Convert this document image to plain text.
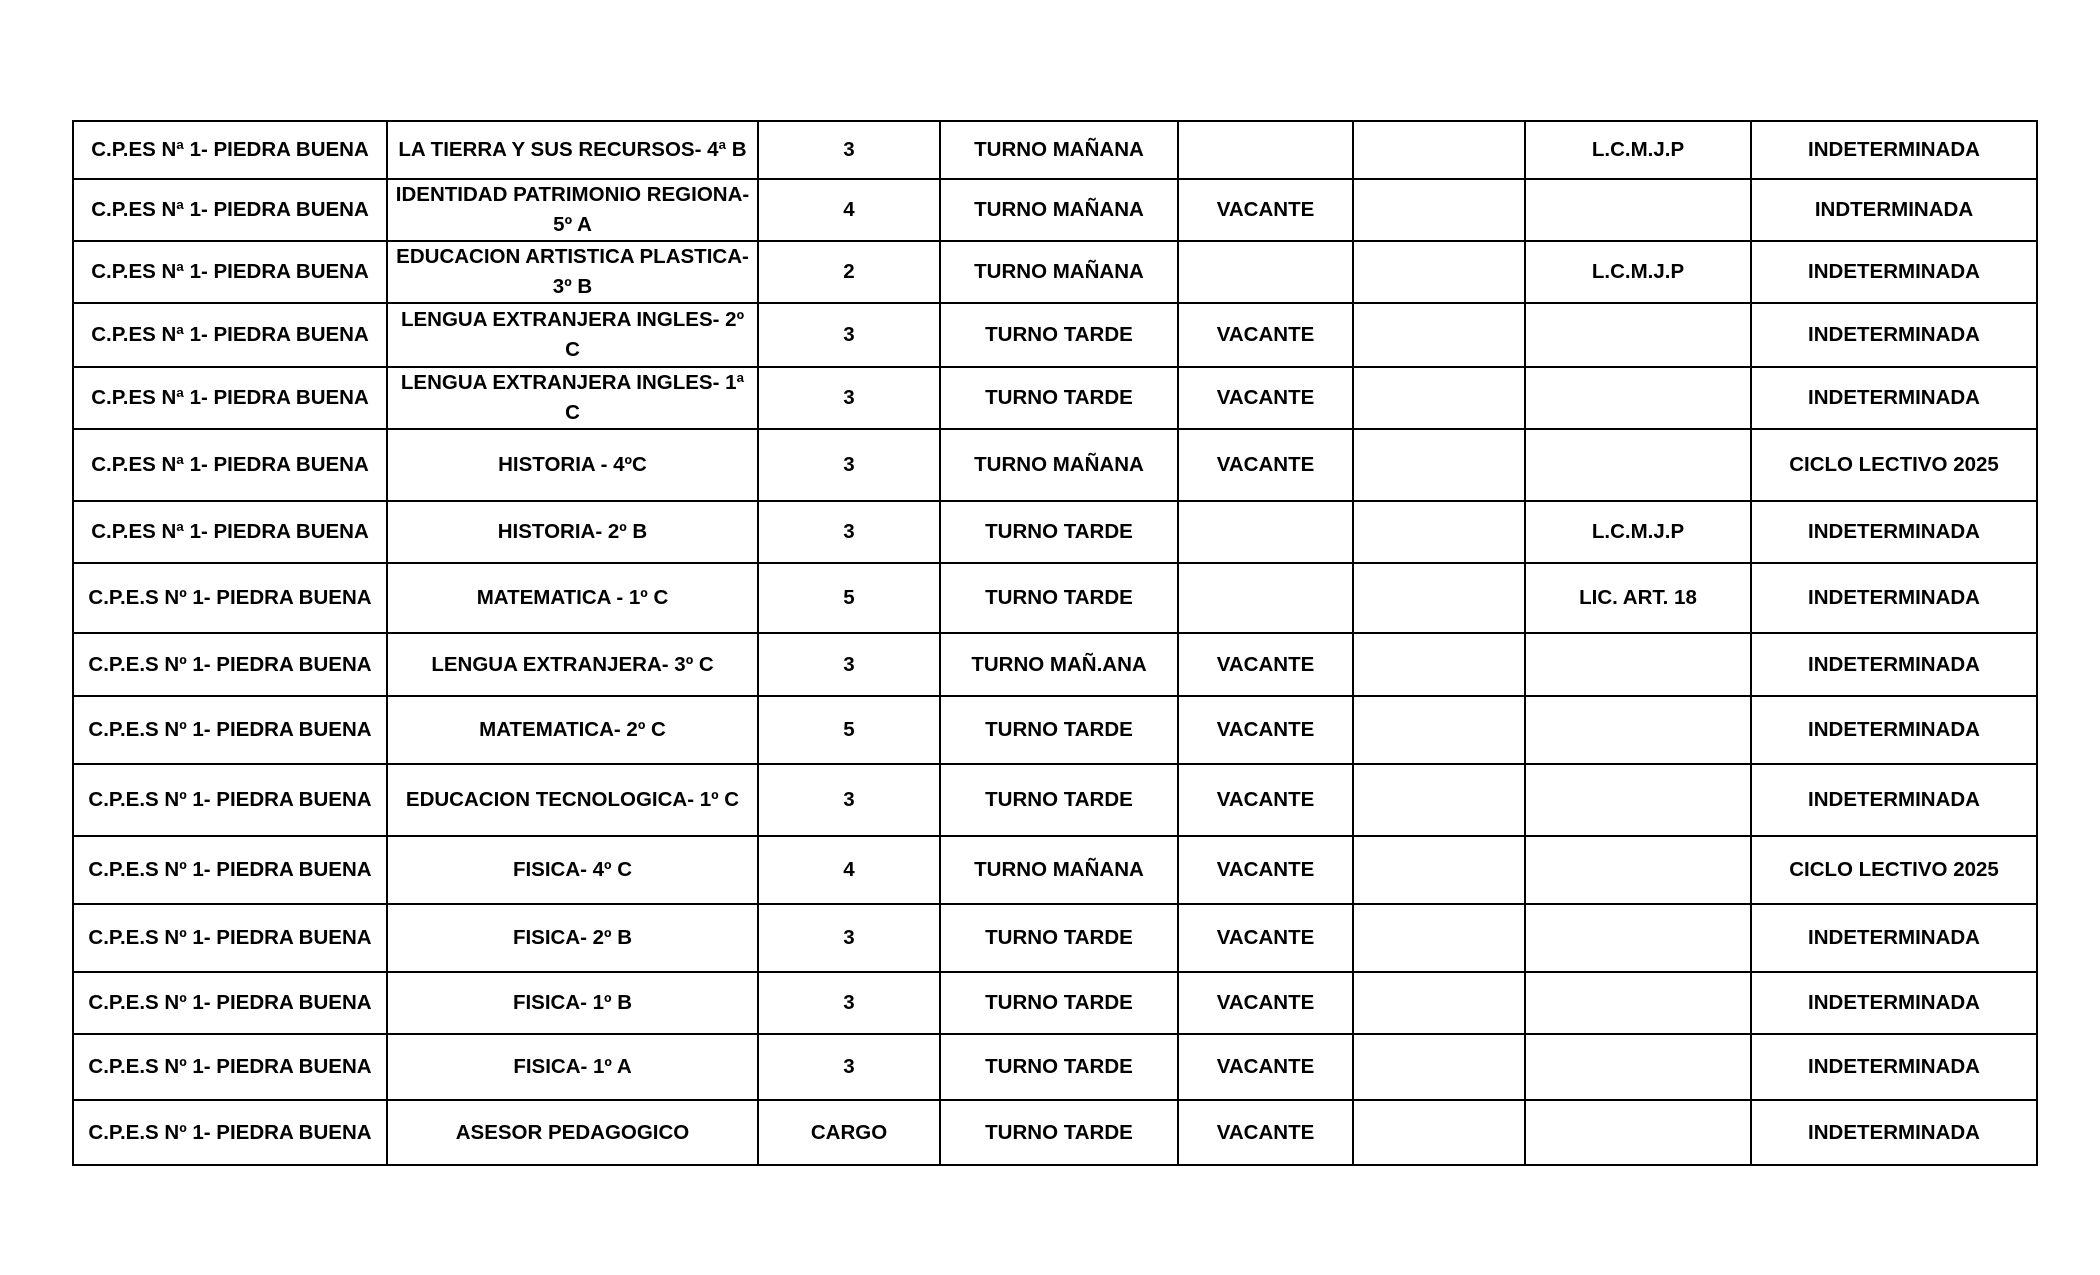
C.P.ES Nª 1- PIEDRA BUENA	LA TIERRA Y SUS RECURSOS- 4ª B	3	TURNO MAÑANA			L.C.M.J.P	INDETERMINADA
C.P.ES Nª 1- PIEDRA BUENA	IDENTIDAD PATRIMONIO REGIONA- 5º A	4	TURNO MAÑANA	VACANTE			INDTERMINADA
C.P.ES Nª 1- PIEDRA BUENA	EDUCACION ARTISTICA PLASTICA- 3º B	2	TURNO MAÑANA			L.C.M.J.P	INDETERMINADA
C.P.ES Nª 1- PIEDRA BUENA	LENGUA EXTRANJERA INGLES- 2º C	3	TURNO TARDE	VACANTE			INDETERMINADA
C.P.ES Nª 1- PIEDRA BUENA	LENGUA EXTRANJERA INGLES- 1ª C	3	TURNO TARDE	VACANTE			INDETERMINADA
C.P.ES Nª 1- PIEDRA BUENA	HISTORIA - 4ºC	3	TURNO MAÑANA	VACANTE			CICLO LECTIVO 2025
C.P.ES Nª 1- PIEDRA BUENA	HISTORIA- 2º B	3	TURNO TARDE			L.C.M.J.P	INDETERMINADA
C.P.E.S Nº 1- PIEDRA BUENA	MATEMATICA - 1º C	5	TURNO TARDE			LIC. ART. 18	INDETERMINADA
C.P.E.S Nº 1- PIEDRA BUENA	LENGUA EXTRANJERA- 3º C	3	TURNO MAÑ.ANA	VACANTE			INDETERMINADA
C.P.E.S Nº 1- PIEDRA BUENA	MATEMATICA- 2º C	5	TURNO TARDE	VACANTE			INDETERMINADA
C.P.E.S Nº 1- PIEDRA BUENA	EDUCACION TECNOLOGICA- 1º C	3	TURNO TARDE	VACANTE			INDETERMINADA
C.P.E.S Nº 1- PIEDRA BUENA	FISICA- 4º C	4	TURNO MAÑANA	VACANTE			CICLO LECTIVO 2025
C.P.E.S Nº 1- PIEDRA BUENA	FISICA- 2º B	3	TURNO TARDE	VACANTE			INDETERMINADA
C.P.E.S Nº 1- PIEDRA BUENA	FISICA- 1º B	3	TURNO TARDE	VACANTE			INDETERMINADA
C.P.E.S Nº 1- PIEDRA BUENA	FISICA- 1º A	3	TURNO TARDE	VACANTE			INDETERMINADA
C.P.E.S Nº 1- PIEDRA BUENA	ASESOR PEDAGOGICO	CARGO	TURNO TARDE	VACANTE			INDETERMINADA
